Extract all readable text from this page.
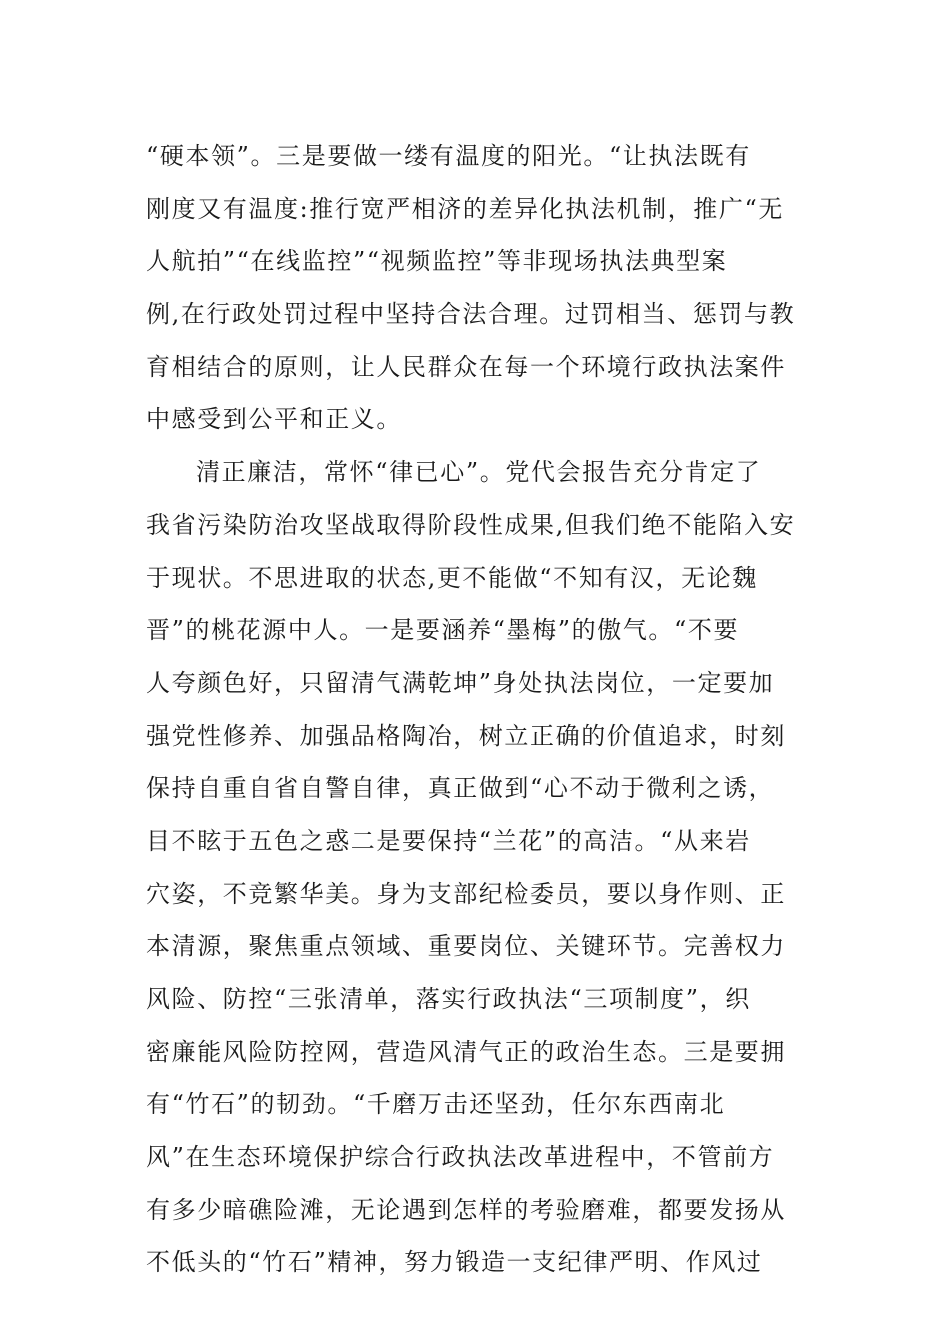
“硬本领”。三是要做一缕有温度的阳光。“让执法既有
刚度又有温度:推行宽严相济的差异化执法机制，推广“无
人航拍”“在线监控”“视频监控”等非现场执法典型案
例,在行政处罚过程中坚持合法合理。过罚相当、惩罚与教
育相结合的原则，让人民群众在每一个环境行政执法案件
中感受到公平和正义。
清正廉洁，常怀“律已心”。党代会报告充分肯定了
我省污染防治攻坚战取得阶段性成果,但我们绝不能陷入安
于现状。不思进取的状态,更不能做“不知有汉，无论魏
晋”的桃花源中人。一是要涵养“墨梅”的傲气。“不要
人夸颜色好，只留清气满乾坤”身处执法岗位，一定要加
强党性修养、加强品格陶冶，树立正确的价值追求，时刻
保持自重自省自警自律，真正做到“心不动于微利之诱，
目不眩于五色之惑二是要保持“兰花”的高洁。“从来岩
穴姿，不竞繁华美。身为支部纪检委员，要以身作则、正
本清源，聚焦重点领域、重要岗位、关键环节。完善权力
风险、防控“三张清单，落实行政执法“三项制度”，织
密廉能风险防控网，营造风清气正的政治生态。三是要拥
有“竹石”的韧劲。“千磨万击还坚劲，任尔东西南北
风”在生态环境保护综合行政执法改革进程中，不管前方
有多少暗礁险滩，无论遇到怎样的考验磨难，都要发扬从
不低头的“竹石”精神，努力锻造一支纪律严明、作风过
